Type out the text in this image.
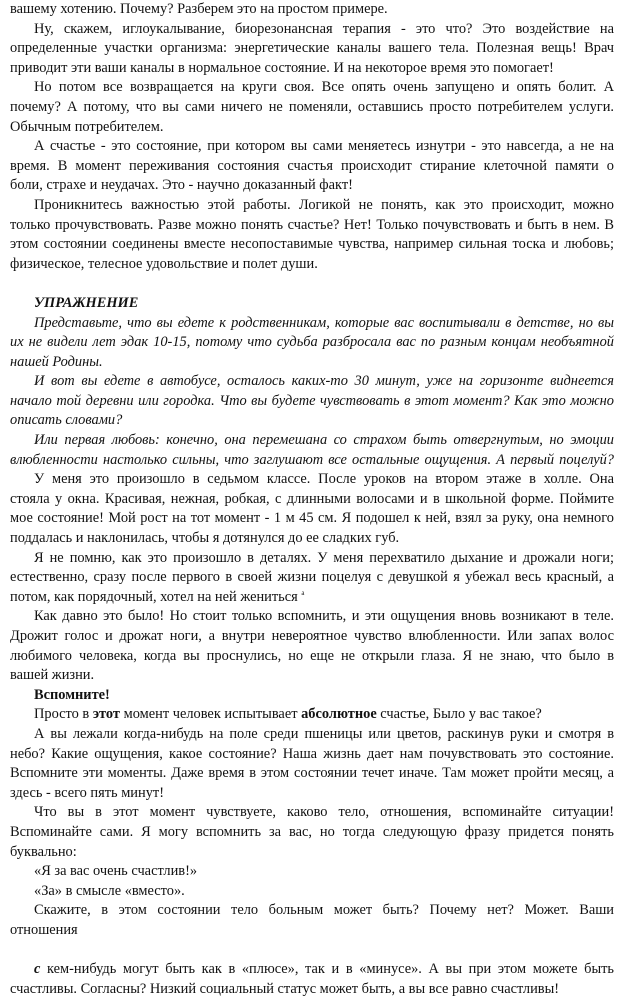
вашему хотению. Почему? Разберем это на простом примере.
Ну, скажем, иглоукалывание, биорезонансная терапия - это что? Это воздействие на
определенные участки организма: энергетические каналы вашего тела. Полезная вещь! Врач
приводит эти ваши каналы в нормальное состояние. И на некоторое время это помогает!
Но потом все возвращается на круги своя. Все опять очень запущено и опять болит. А
почему? А потому, что вы сами ничего не поменяли, оставшись просто потребителем услуги.
Обычным потребителем.
А счастье - это состояние, при котором вы сами меняетесь изнутри - это навсегда, а не на
время. В момент переживания состояния счастья происходит стирание клеточной памяти о
боли, страхе и неудачах. Это - научно доказанный факт!
Проникнитесь важностью этой работы. Логикой не понять, как это происходит, можно
только прочувствовать. Разве можно понять счастье? Нет! Только почувствовать и быть в нем. В
этом состоянии соединены вместе несопоставимые чувства, например сильная тоска и любовь;
физическое, телесное удовольствие и полет души.
УПРАЖНЕНИЕ
Представьте, что вы едете к родственникам, которые вас воспитывали в детстве, но вы
их не видели лет эдак 10-15, потому что судьба разбросала вас по разным концам необъятной
нашей Родины.
И вот вы едете в автобусе, осталось каких-то 30 минут, уже на горизонте виднеется
начало той деревни или городка. Что вы будете чувствовать в этот момент? Как это можно
описать словами?
Или первая любовь: конечно, она перемешана со страхом быть отвергнутым, но эмоции
влюбленности настолько сильны, что заглушают все остальные ощущения. А первый поцелуй?
У меня это произошло в седьмом классе. После уроков на втором этаже в холле. Она
стояла у окна. Красивая, нежная, робкая, с длинными волосами и в школьной форме. Поймите
мое состояние! Мой рост на тот момент - 1 м 45 см. Я подошел к ней, взял за руку, она немного
поддалась и наклонилась, чтобы я дотянулся до ее сладких губ.
Я не помню, как это произошло в деталях. У меня перехватило дыхание и дрожали ноги;
естественно, сразу после первого в своей жизни поцелуя с девушкой я убежал весь красный, а
потом, как порядочный, хотел на ней жениться $^а$
Как давно это было! Но стоит только вспомнить, и эти ощущения вновь возникают в теле.
Дрожит голос и дрожат ноги, а внутри невероятное чувство влюбленности. Или запах волос
любимого человека, когда вы проснулись, но еще не открыли глаза. Я не знаю, что было в
вашей жизни.
Вспомните!
Просто в этот момент человек испытывает абсолютное счастье, Было у вас такое?
А вы лежали когда-нибудь на поле среди пшеницы или цветов, раскинув руки и смотря в
небо? Какие ощущения, какое состояние? Наша жизнь дает нам почувствовать это состояние.
Вспомните эти моменты. Даже время в этом состоянии течет иначе. Там может пройти месяц, а
здесь - всего пять минут!
Что вы в этот момент чувствуете, каково тело, отношения, вспоминайте ситуации!
Вспоминайте сами. Я могу вспомнить за вас, но тогда следующую фразу придется понять
буквально:
«Я за вас очень счастлив!»
«За» в смысле «вместо».
Скажите, в этом состоянии тело больным может быть? Почему нет? Может. Ваши
отношения
с кем-нибудь могут быть как в «плюсе», так и в «минусе». А вы при этом можете быть
счастливы. Согласны? Низкий социальный статус может быть, а вы все равно счастливы!
